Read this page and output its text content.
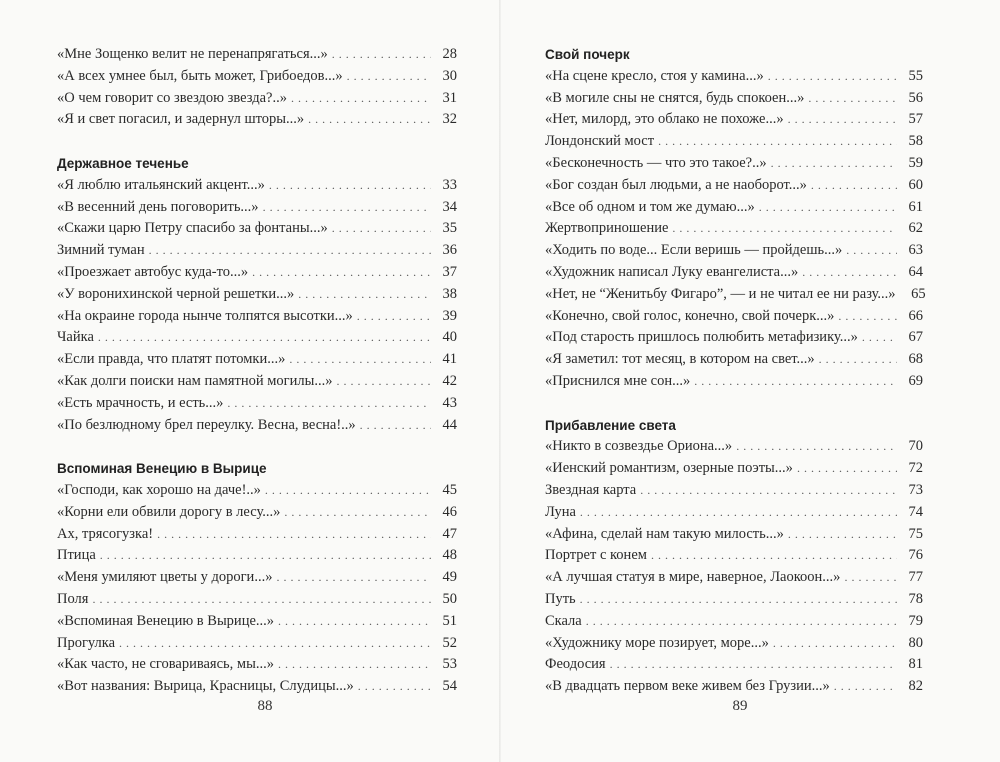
«Мне Зощенко велит не перенапрягаться...» . . .	28
«А всех умнее был, быть может, Грибоедов...» . . .	30
«О чем говорит со звездою звезда?..» . . .	31
«Я и свет погасил, и задернул шторы...» . . .	32
Державное теченье
«Я люблю итальянский акцент...» . . .	33
«В весенний день поговорить...» . . .	34
«Скажи царю Петру спасибо за фонтаны...» . . .	35
Зимний туман . . .	36
«Проезжает автобус куда-то...» . . .	37
«У воронихинской черной решетки...» . . .	38
«На окраине города нынче толпятся высотки...» . . .	39
Чайка . . .	40
«Если правда, что платят потомки...» . . .	41
«Как долги поиски нам памятной могилы...» . . .	42
«Есть мрачность, и есть...» . . .	43
«По безлюдному брел переулку. Весна, весна!..» . . .	44
Вспоминая Венецию в Вырице
«Господи, как хорошо на даче!..» . . .	45
«Корни ели обвили дорогу в лесу...» . . .	46
Ах, трясогузка! . . .	47
Птица . . .	48
«Меня умиляют цветы у дороги...» . . .	49
Поля . . .	50
«Вспоминая Венецию в Вырице...» . . .	51
Прогулка . . .	52
«Как часто, не сговариваясь, мы...» . . .	53
«Вот названия: Вырица, Красницы, Слудицы...» . . .	54
Свой почерк
«На сцене кресло, стоя у камина...» . . .	55
«В могиле сны не снятся, будь спокоен...» . . .	56
«Нет, милорд, это облако не похоже...» . . .	57
Лондонский мост . . .	58
«Бесконечность — что это такое?..» . . .	59
«Бог создан был людьми, а не наоборот...» . . .	60
«Все об одном и том же думаю...» . . .	61
Жертвоприношение . . .	62
«Ходить по воде... Если веришь — пройдешь...» . . .	63
«Художник написал Луку евангелиста...» . . .	64
«Нет, не “Женитьбу Фигаро”, — и не читал ее ни разу...»	65
«Конечно, свой голос, конечно, свой почерк...» . . .	66
«Под старость пришлось полюбить метафизику...» . . .	67
«Я заметил: тот месяц, в котором на свет...» . . .	68
«Приснился мне сон...» . . .	69
Прибавление света
«Никто в созвездье Ориона...» . . .	70
«Иенский романтизм, озерные поэты...» . . .	72
Звездная карта . . .	73
Луна . . .	74
«Афина, сделай нам такую милость...» . . .	75
Портрет с конем . . .	76
«А лучшая статуя в мире, наверное, Лаокоон...» . . .	77
Путь . . .	78
Скала . . .	79
«Художнику море позирует, море...» . . .	80
Феодосия . . .	81
«В двадцать первом веке живем без Грузии...» . . .	82
88	89
